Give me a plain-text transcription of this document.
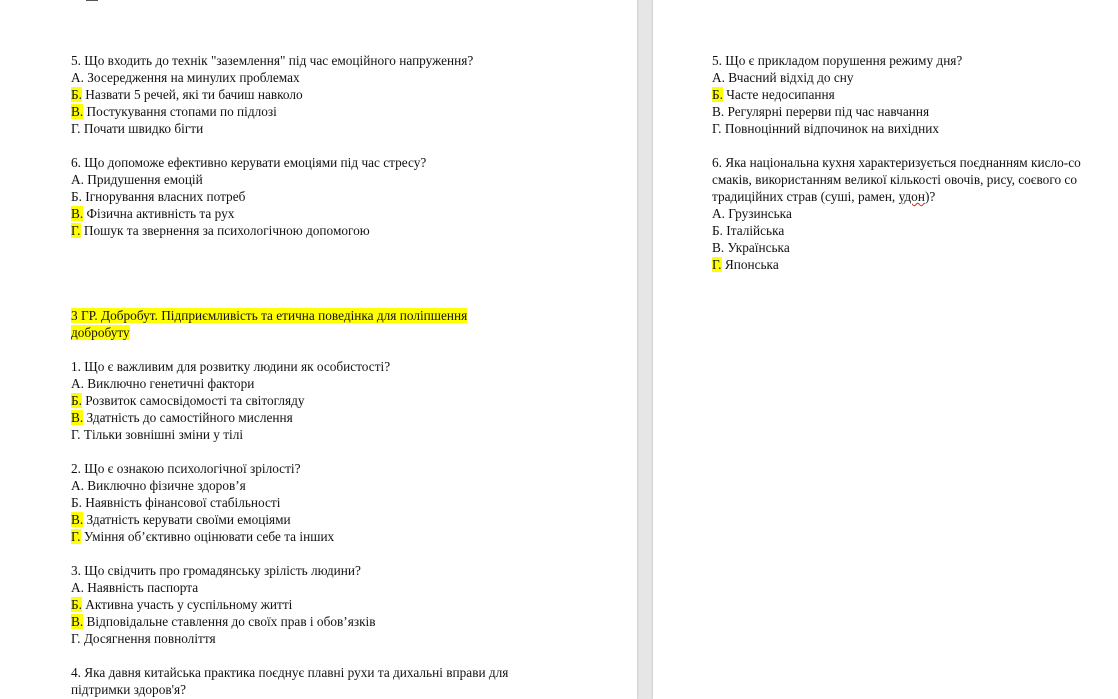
5. Що входить до технік "заземлення" під час емоційного напруження?
А. Зосередження на минулих проблемах
Б. Назвати 5 речей, які ти бачиш навколо
В. Постукування стопами по підлозі
Г. Почати швидко бігти
6. Що допоможе ефективно керувати емоціями під час стресу?
А. Придушення емоцій
Б. Ігнорування власних потреб
В. Фізична активність та рух
Г. Пошук та звернення за психологічною допомогою
3 ГР. Добробут. Підприємливість та етична поведінка для поліпшення добробуту
1. Що є важливим для розвитку людини як особистості?
А. Виключно генетичні фактори
Б. Розвиток самосвідомості та світогляду
В. Здатність до самостійного мислення
Г. Тільки зовнішні зміни у тілі
2. Що є ознакою психологічної зрілості?
А. Виключно фізичне здоров’я
Б. Наявність фінансової стабільності
В. Здатність керувати своїми емоціями
Г. Уміння об’єктивно оцінювати себе та інших
3. Що свідчить про громадянську зрілість людини?
А. Наявність паспорта
Б. Активна участь у суспільному житті
В. Відповідальне ставлення до своїх прав і обов’язків
Г. Досягнення повноліття
4. Яка давня китайська практика поєднує плавні рухи та дихальні вправи для
підтримки здоров'я?
5. Що є прикладом порушення режиму дня?
А. Вчасний відхід до сну
Б. Часте недосипання
В. Регулярні перерви під час навчання
Г. Повноцінний відпочинок на вихідних
6. Яка національна кухня характеризується поєднанням кисло-со
смаків, використанням великої кількості овочів, рису, соєвого со
традиційних страв (суші, рамен, удон)?
А. Грузинська
Б. Італійська
В. Українська
Г. Японська
